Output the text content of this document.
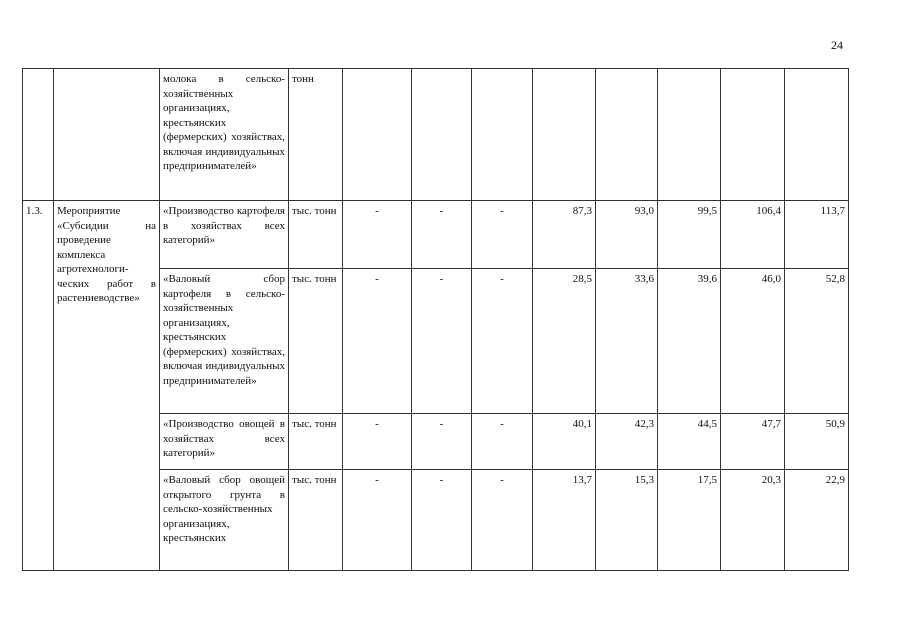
24
		молока в сельско-хозяйственных организациях, крестьянских (фермерских) хозяйствах, включая индивидуальных предпринимателей»	тонн								
1.3.	Мероприятие «Субсидии на проведение комплекса агротехнологи-ческих работ в растениеводстве»	«Производство картофеля в хозяйствах всех категорий»	тыс. тонн	-	-	-	87,3	93,0	99,5	106,4	113,7
		«Валовый сбор картофеля в сельско-хозяйственных организациях, крестьянских (фермерских) хозяйствах, включая индивидуальных предпринимателей»	тыс. тонн	-	-	-	28,5	33,6	39,6	46,0	52,8
		«Производство овощей в хозяйствах всех категорий»	тыс. тонн	-	-	-	40,1	42,3	44,5	47,7	50,9
		«Валовый сбор овощей открытого грунта в сельско-хозяйственных организациях, крестьянских	тыс. тонн	-	-	-	13,7	15,3	17,5	20,3	22,9
